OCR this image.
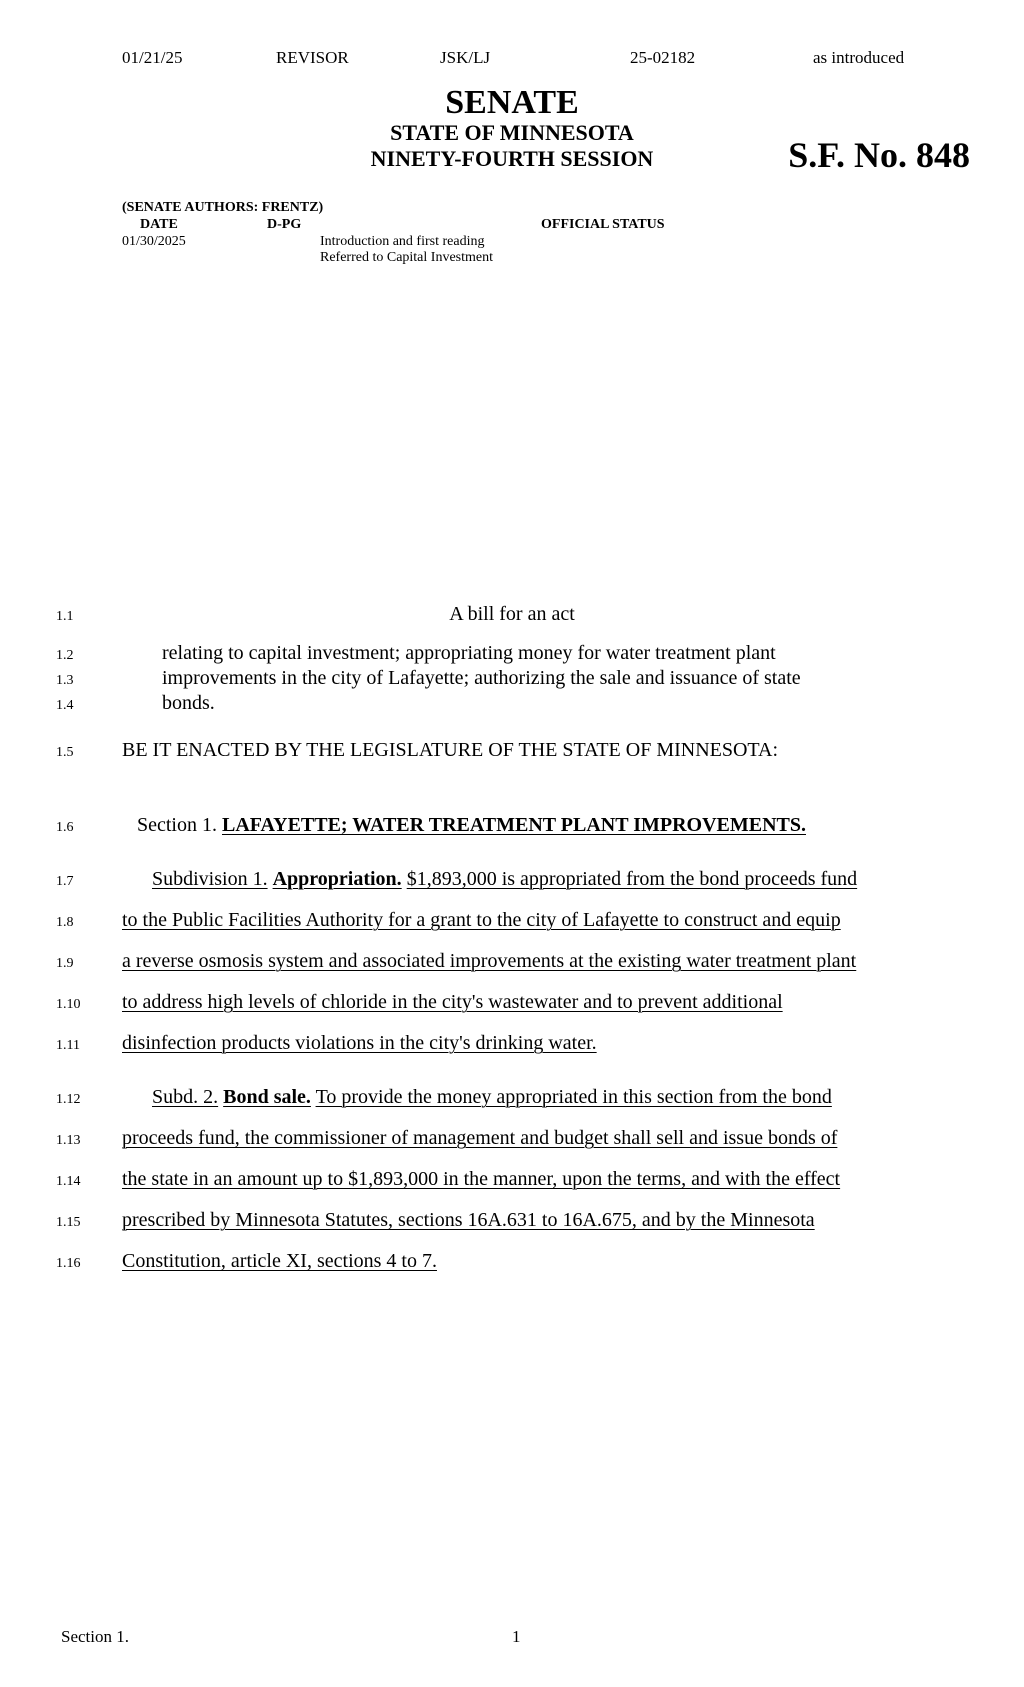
01/21/25	REVISOR	JSK/LJ	25-02182	as introduced
SENATE
STATE OF MINNESOTA
NINETY-FOURTH SESSION	S.F. No. 848
(SENATE AUTHORS: FRENTZ)
DATE	D-PG	OFFICIAL STATUS
01/30/2025	Introduction and first reading
Referred to Capital Investment
1.1
1.2
1.3
1.4
1.5
1.6
1.7
1.8
1.9
1.10
1.11
1.12
1.13
1.14
1.15
1.16
A bill for an act
relating to capital investment; appropriating money for water treatment plant
improvements in the city of Lafayette; authorizing the sale and issuance of state
bonds.
BE IT ENACTED BY THE LEGISLATURE OF THE STATE OF MINNESOTA:
Section 1. LAFAYETTE; WATER TREATMENT PLANT IMPROVEMENTS.
Subdivision 1. Appropriation. $1,893,000 is appropriated from the bond proceeds fund
to the Public Facilities Authority for a grant to the city of Lafayette to construct and equip
a reverse osmosis system and associated improvements at the existing water treatment plant
to address high levels of chloride in the city's wastewater and to prevent additional
disinfection products violations in the city's drinking water.
Subd. 2. Bond sale. To provide the money appropriated in this section from the bond
proceeds fund, the commissioner of management and budget shall sell and issue bonds of
the state in an amount up to $1,893,000 in the manner, upon the terms, and with the effect
prescribed by Minnesota Statutes, sections 16A.631 to 16A.675, and by the Minnesota
Constitution, article XI, sections 4 to 7.
Section 1.	1
